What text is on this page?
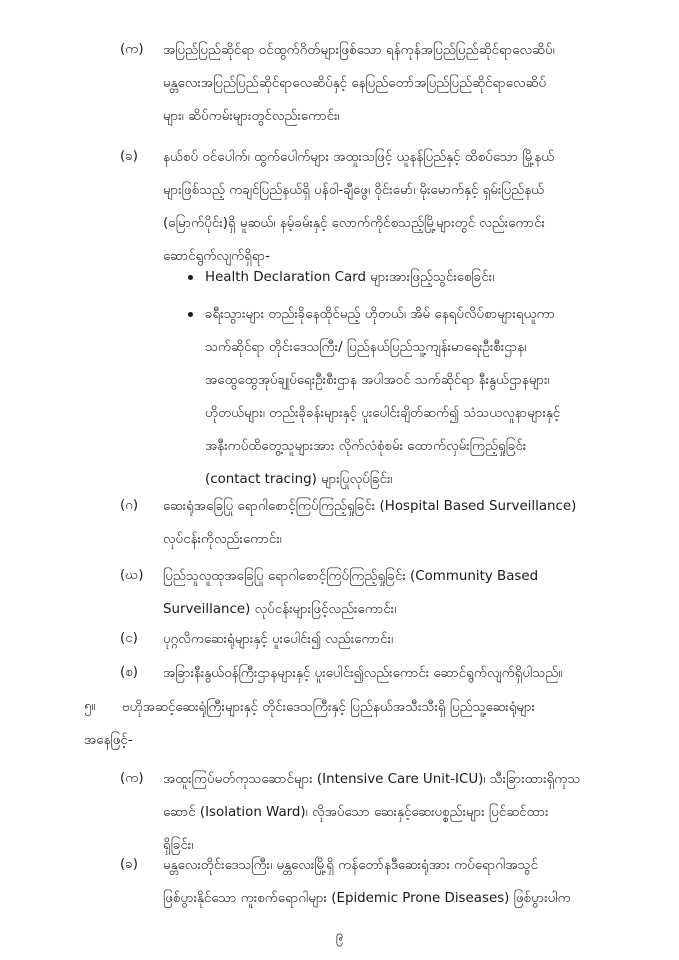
(က) အပြည်ပြည်ဆိုင်ရာ ဝင်ထွက်ဂိတ်များဖြစ်သော ရန်ကုန်အပြည်ပြည်ဆိုင်ရာလေဆိပ်၊
မန္တလေးအပြည်ပြည်ဆိုင်ရာလေဆိပ်နှင့် နေပြည်တော်အပြည်ပြည်ဆိုင်ရာလေဆိပ်
များ၊ ဆိပ်ကမ်းများတွင်လည်းကောင်း၊
(ခ) နယ်စပ် ဝင်ပေါက်၊ ထွက်ပေါက်များ အထူးသဖြင့် ယူနန်ပြည်နှင့် ထိစပ်သော မြို့နယ်
များဖြစ်သည့် ကချင်ပြည်နယ်ရှိ ပန်ဝါ-ချီဖွေ၊ ဝိုင်းမော်၊ မိုးမောက်နှင့် ရှမ်းပြည်နယ်
(မြောက်ပိုင်း)ရှိ မူဆယ်၊ နမ့်ခမ်းနှင့် လောက်ကိုင်စသည့်မြို့များတွင် လည်းကောင်း
ဆောင်ရွက်လျက်ရှိရာ-
Health Declaration Card များအားဖြည့်သွင်းစေခြင်း၊
ခရီးသွားများ တည်းခိုနေထိုင်မည့် ဟိုတယ်၊ အိမ် နေရပ်လိပ်စာများရယူကာ
သက်ဆိုင်ရာ တိုင်းဒေသကြီး/ ပြည်နယ်ပြည်သူ့ကျန်းမာရေးဦးစီးဌာန၊
အထွေထွေအုပ်ချုပ်ရေးဦးစီးဌာန အပါအဝင် သက်ဆိုင်ရာ နီးနွယ်ဌာနများ၊
ဟိုတယ်များ၊ တည်းခိုခန်းများနှင့် ပူးပေါင်းချိတ်ဆက်၍ သံသယလူနာများနှင့်
အနီးကပ်ထိတွေ့သူများအား လိုက်လံစုံစမ်း ထောက်လှမ်းကြည့်ရှုခြင်း
(contact tracing) များပြုလုပ်ခြင်း၊
(ဂ) ဆေးရုံအခြေပြု ရောဂါစောင့်ကြပ်ကြည့်ရှုခြင်း (Hospital Based Surveillance)
လုပ်ငန်းကိုလည်းကောင်း၊
(ဃ) ပြည်သူလူထုအခြေပြု ရောဂါစောင့်ကြပ်ကြည့်ရှုခြင်း (Community Based
Surveillance) လုပ်ငန်းများဖြင့်လည်းကောင်း၊
(င) ပုဂ္ဂလိကဆေးရုံများနှင့် ပူးပေါင်း၍ လည်းကောင်း၊
(စ) အခြားနီးနွယ်ဝန်ကြီးဌာနများနှင့် ပူးပေါင်း၍လည်းကောင်း ဆောင်ရွက်လျက်ရှိပါသည်။
၅။	ဗဟိုအဆင့်ဆေးရုံကြီးများနှင့် တိုင်းဒေသကြီးနှင့် ပြည်နယ်အသီးသီးရှိ ပြည်သူ့ဆေးရုံများ
အနေဖြင့်-
(က) အထူးကြပ်မတ်ကုသဆောင်များ (Intensive Care Unit-ICU)၊ သီးခြားထားရှိကုသ
ဆောင် (Isolation Ward)၊ လိုအပ်သော ဆေးနှင့်ဆေးပစ္စည်းများ ပြင်ဆင်ထား
ရှိခြင်း၊
(ခ) မန္တလေးတိုင်းဒေသကြီး၊ မန္တလေးမြို့ရှိ ကန်တော်နဒီဆေးရုံအား ကပ်ရောဂါအသွင်
ဖြစ်ပွားနိုင်သော ကူးစက်ရောဂါများ (Epidemic Prone Diseases) ဖြစ်ပွားပါက
၉
